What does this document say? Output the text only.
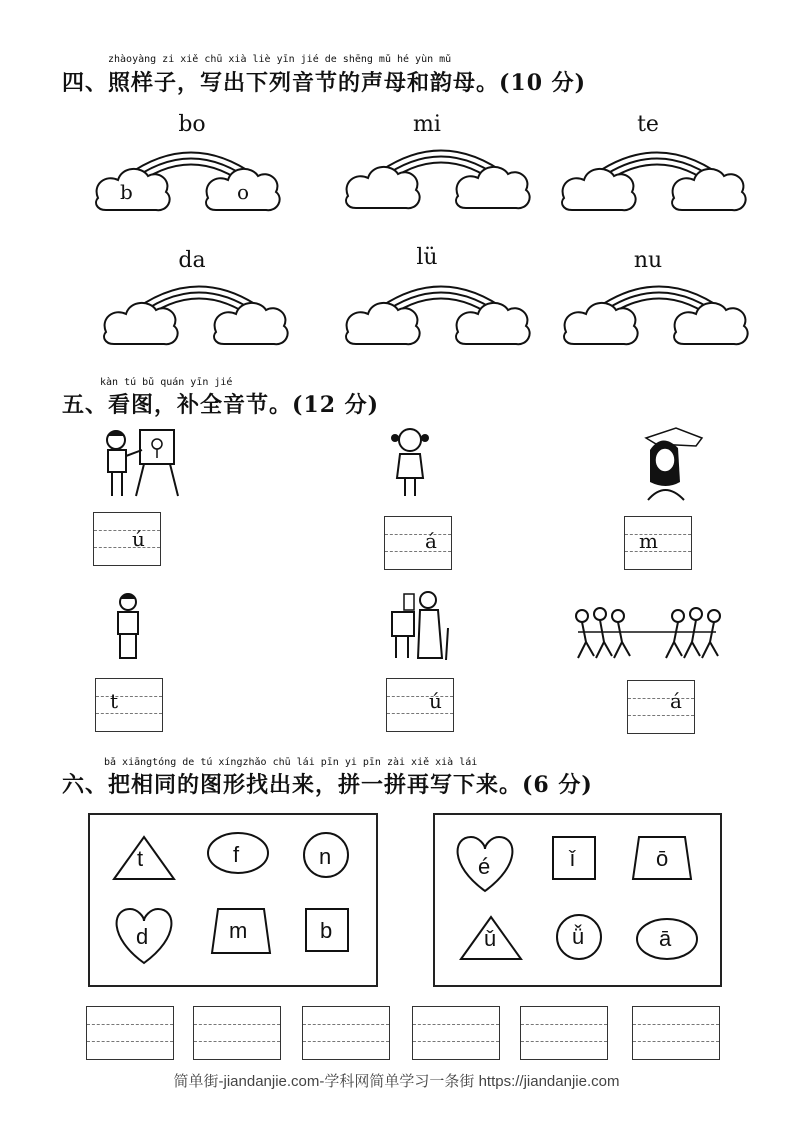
zhàoyàng zi xiě chū xià liè yīn jié de shēng mǔ hé yùn mǔ
四、照样子，写出下列音节的声母和韵母。(10 分)
bo	mi	te
da	lü	nu
b	o
kàn tú bǔ quán yīn jié
五、看图，补全音节。(12 分)
ú	á	m
t	ú	á
bǎ xiāngtóng de tú xíngzhǎo chū lái pīn yi pīn zài xiě xià lái
六、把相同的图形找出来，拼一拼再写下来。(6 分)
t	f	n
d	m	b
é	ǐ	ō
ǔ	ǚ	ā
简单街-jiandanjie.com-学科网简单学习一条街 https://jiandanjie.com
